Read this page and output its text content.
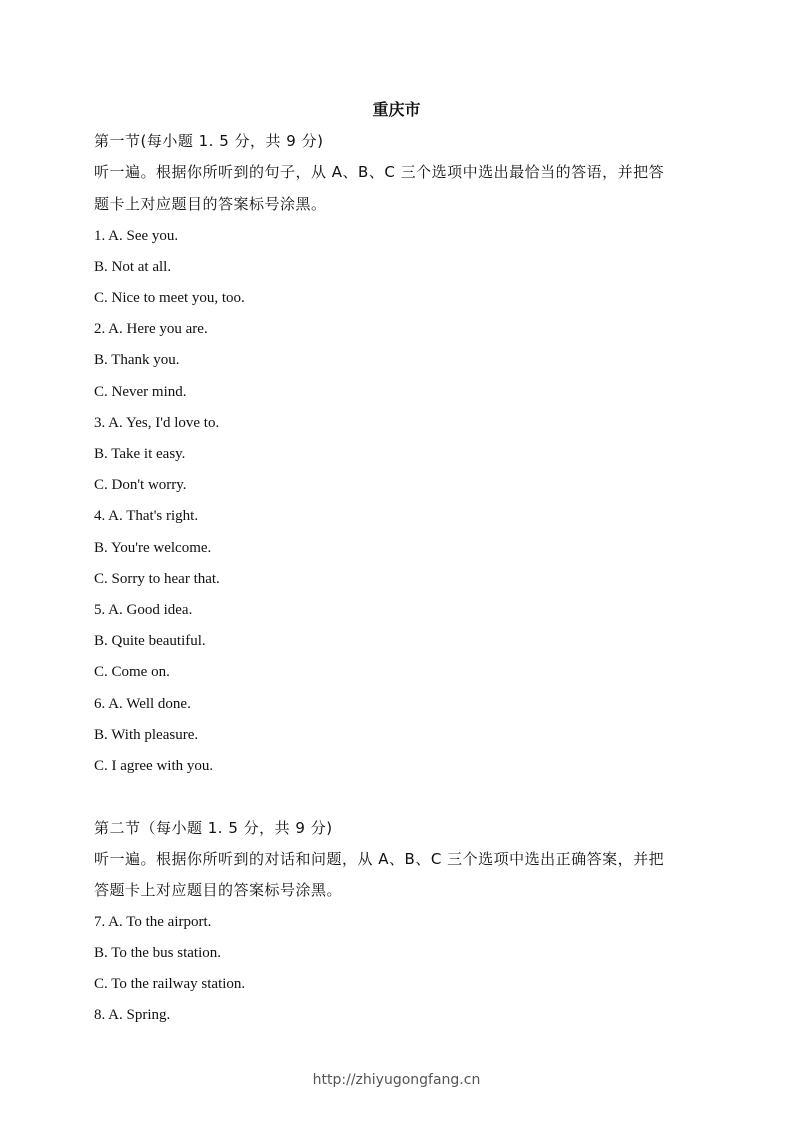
重庆市
第一节(每小题 1. 5 分，共 9 分)
听一遍。根据你所听到的句子，从 A、B、C 三个选项中选出最恰当的答语，并把答
题卡上对应题目的答案标号涂黑。
1. A. See you.
B. Not at all.
C. Nice to meet you, too.
2. A. Here you are.
B. Thank you.
C. Never mind.
3. A. Yes, I'd love to.
B. Take it easy.
C. Don't worry.
4. A. That's right.
B. You're welcome.
C. Sorry to hear that.
5. A. Good idea.
B. Quite beautiful.
C. Come on.
6. A. Well done.
B. With pleasure.
C. I agree with you.
第二节（每小题 1. 5 分，共 9 分)
听一遍。根据你所听到的对话和问题，从 A、B、C 三个选项中选出正确答案，并把
答题卡上对应题目的答案标号涂黑。
7. A. To the airport.
B. To the bus station.
C. To the railway station.
8. A. Spring.
http://zhiyugongfang.cn
